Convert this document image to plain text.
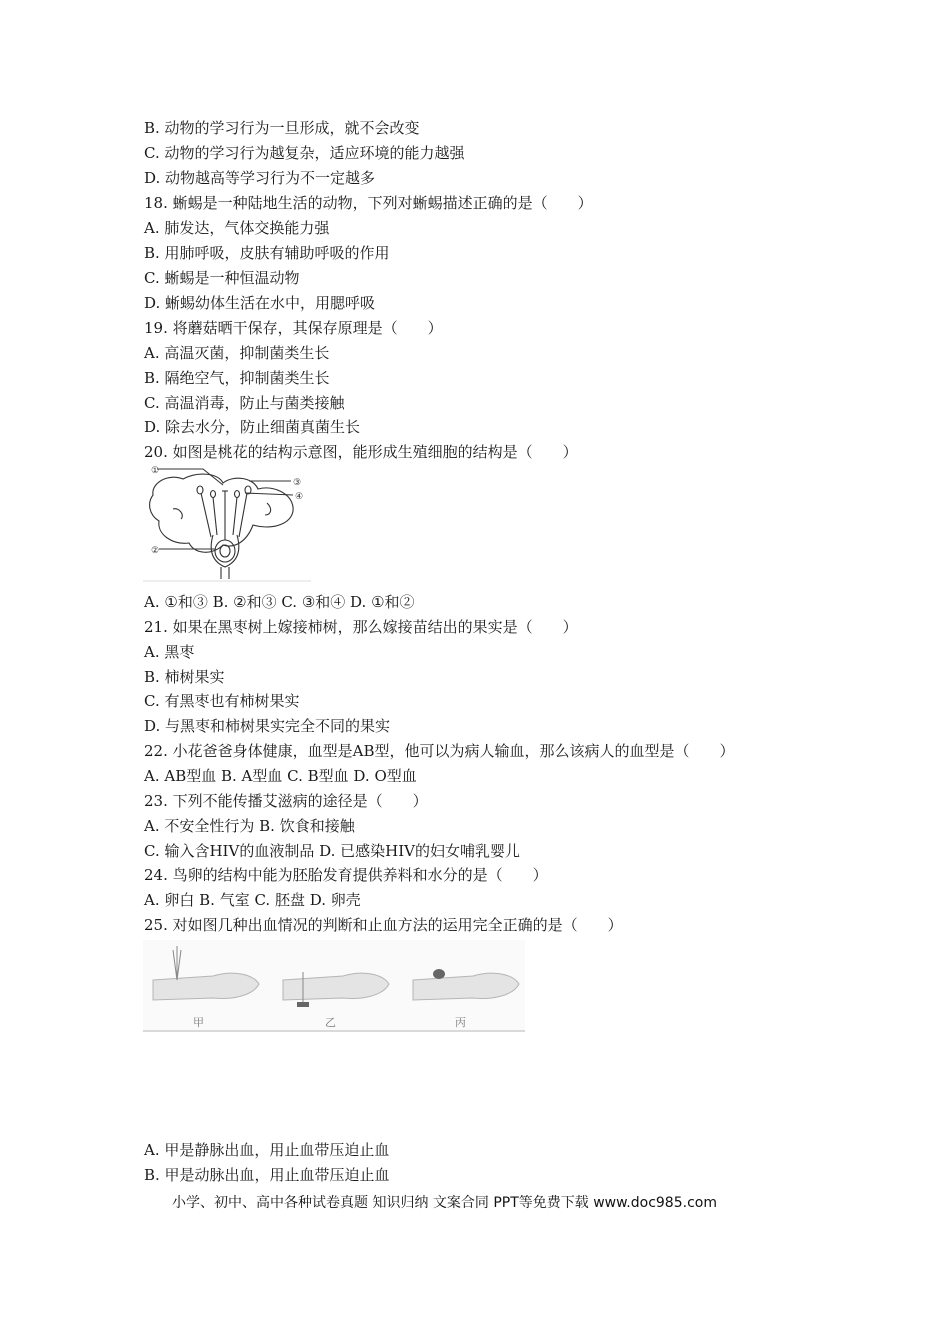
B. 动物的学习行为一旦形成，就不会改变
C. 动物的学习行为越复杂，适应环境的能力越强
D. 动物越高等学习行为不一定越多
18. 蜥蜴是一种陆地生活的动物，下列对蜥蜴描述正确的是（　　）
A. 肺发达，气体交换能力强
B. 用肺呼吸，皮肤有辅助呼吸的作用
C. 蜥蜴是一种恒温动物
D. 蜥蜴幼体生活在水中，用腮呼吸
19. 将蘑菇晒干保存，其保存原理是（　　）
A. 高温灭菌，抑制菌类生长
B. 隔绝空气，抑制菌类生长
C. 高温消毒，防止与菌类接触
D. 除去水分，防止细菌真菌生长
20. 如图是桃花的结构示意图，能形成生殖细胞的结构是（　　）
①
②
③
④
A. ①和③ B. ②和③ C. ③和④ D. ①和②
21. 如果在黑枣树上嫁接柿树，那么嫁接苗结出的果实是（　　）
A. 黑枣
B. 柿树果实
C. 有黑枣也有柿树果实
D. 与黑枣和柿树果实完全不同的果实
22. 小花爸爸身体健康，血型是AB型，他可以为病人输血，那么该病人的血型是（　　）
A. AB型血 B. A型血 C. B型血 D. O型血
23. 下列不能传播艾滋病的途径是（　　）
A. 不安全性行为 B. 饮食和接触
C. 输入含HIV的血液制品 D. 已感染HIV的妇女哺乳婴儿
24. 鸟卵的结构中能为胚胎发育提供养料和水分的是（　　）
A. 卵白 B. 气室 C. 胚盘 D. 卵壳
25. 对如图几种出血情况的判断和止血方法的运用完全正确的是（　　）
甲	乙	丙
A. 甲是静脉出血，用止血带压迫止血
B. 甲是动脉出血，用止血带压迫止血
小学、初中、高中各种试卷真题 知识归纳 文案合同 PPT等免费下载 www.doc985.com
